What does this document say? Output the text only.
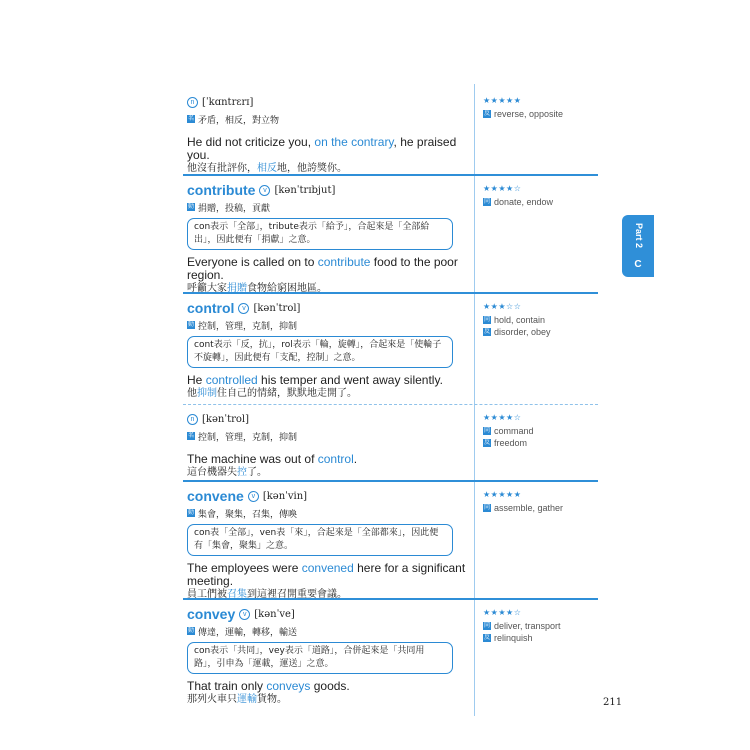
n [ˈkɑntrɛrɪ]
名 矛盾，相反，對立物
He did not criticize you, on the contrary, he praised you.
他沒有批評你，相反地，他誇獎你。
★★★★★
反 reverse, opposite
contribute	v [kənˈtrɪbjut]
動 捐贈，投稿，貢獻
con表示「全部」，tribute表示「給予」，合起來是「全部給出」，因此便有「捐獻」之意。
Everyone is called on to contribute food to the poor region.
呼籲大家捐贈食物給窮困地區。
★★★★☆
同 donate, endow
control	v [kənˈtrol]
動 控制，管理，克制，抑制
cont表示「反，抗」，rol表示「輪，旋轉」，合起來是「使輪子不旋轉」，因此便有「支配，控制」之意。
He controlled his temper and went away silently.
他抑制住自己的情緒，默默地走開了。
★★★☆☆
同 hold, contain
反 disorder, obey
n [kənˈtrol]
名 控制，管理，克制，抑制
The machine was out of control.
這台機器失控了。
★★★★☆
同 command
反 freedom
convene	v [kənˈvin]
動 集會，聚集，召集，傳喚
con表「全部」，ven表「來」，合起來是「全部都來」，因此便有「集會，聚集」之意。
The employees were convened here for a significant meeting.
員工們被召集到這裡召開重要會議。
★★★★★
同 assemble, gather
convey	v [kənˈve]
動 傳達，運輸，轉移，輸送
con表示「共同」，vey表示「道路」，合併起來是「共同用路」，引申為「運載，運送」之意。
That train only conveys goods.
那列火車只運輸貨物。
★★★★☆
同 deliver, transport
反 relinquish
Part 2
C
211
